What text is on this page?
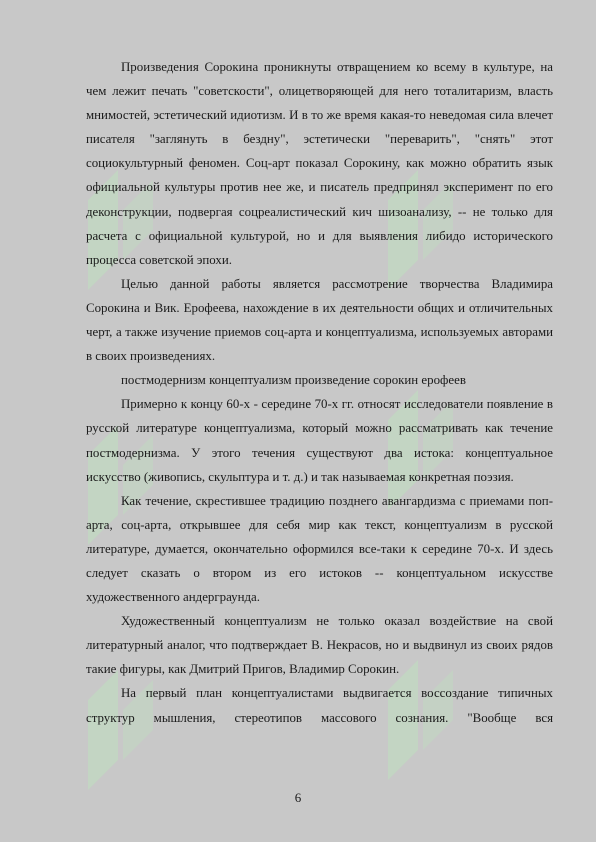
Произведения Сорокина проникнуты отвращением ко всему в культуре, на чем лежит печать "советскости", олицетворяющей для него тоталитаризм, власть мнимостей, эстетический идиотизм. И в то же время какая-то неведомая сила влечет писателя "заглянуть в бездну", эстетически "переварить", "снять" этот социокультурный феномен. Соц-арт показал Сорокину, как можно обратить язык официальной культуры против нее же, и писатель предпринял эксперимент по его деконструкции, подвергая соцреалистический кич шизоанализу, -- не только для расчета с официальной культурой, но и для выявления либидо исторического процесса советской эпохи.

Целью данной работы является рассмотрение творчества Владимира Сорокина и Вик. Ерофеева, нахождение в их деятельности общих и отличительных черт, а также изучение приемов соц-арта и концептуализма, используемых авторами в своих произведениях.

постмодернизм концептуализм произведение сорокин ерофеев

Примерно к концу 60-х - середине 70-х гг. относят исследователи появление в русской литературе концептуализма, который можно рассматривать как течение постмодернизма. У этого течения существуют два истока: концептуальное искусство (живопись, скульптура и т. д.) и так называемая конкретная поэзия.

Как течение, скрестившее традицию позднего авангардизма с приемами поп-арта, соц-арта, открывшее для себя мир как текст, концептуализм в русской литературе, думается, окончательно оформился все-таки к середине 70-х. И здесь следует сказать о втором из его истоков -- концептуальном искусстве художественного андерграунда.

Художественный концептуализм не только оказал воздействие на свой литературный аналог, что подтверждает В. Некрасов, но и выдвинул из своих рядов такие фигуры, как Дмитрий Пригов, Владимир Сорокин.

На первый план концептуалистами выдвигается воссоздание типичных структур мышления, стереотипов массового сознания. "Вообще вся

6
